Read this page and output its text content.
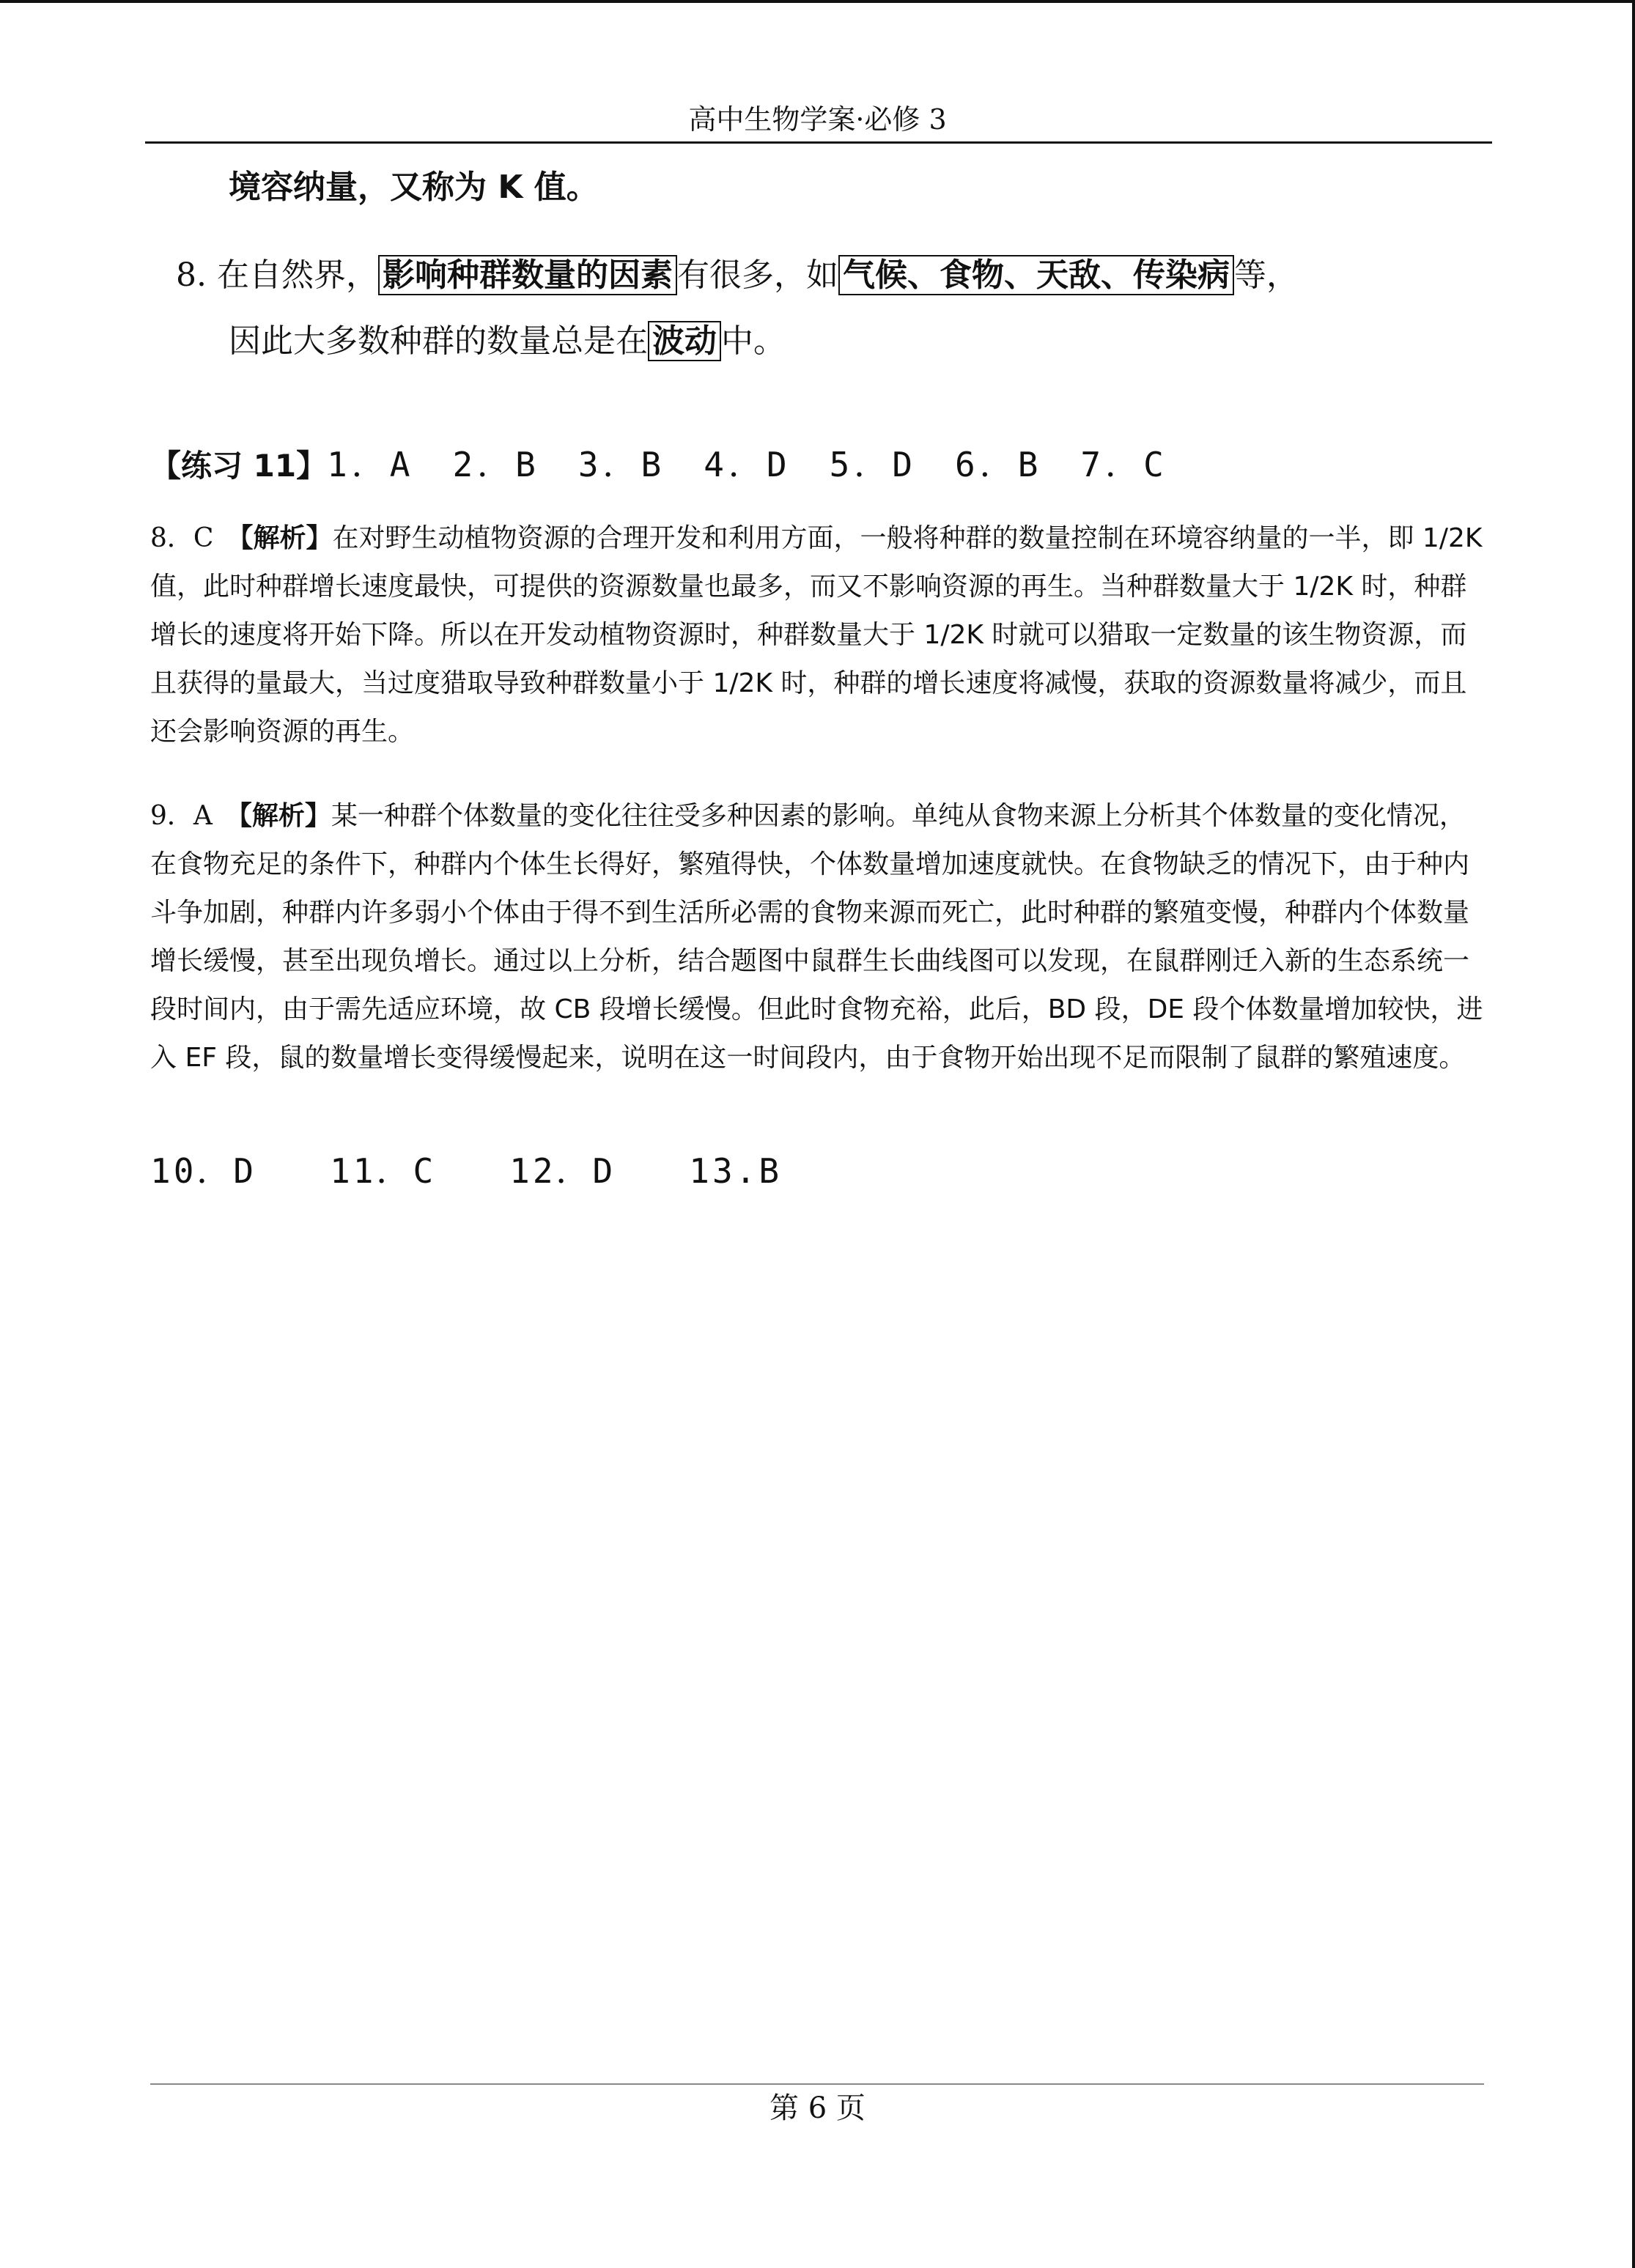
高中生物学案·必修 3
境容纳量，又称为 K 值。
8. 在自然界， 影响种群数量的因素 有很多，如 气候、食物、天敌、传染病 等，
因此大多数种群的数量总是在 波动 中。
【练习 11】1．A　2．B　3．B　4．D　5．D　6．B　7．C
8．C　【解析】在对野生动植物资源的合理开发和利用方面，一般将种群的数量控制在环境容纳量的一半，即 1/2K 值，此时种群增长速度最快，可提供的资源数量也最多，而又不影响资源的再生。当种群数量大于 1/2K 时，种群增长的速度将开始下降。所以在开发动植物资源时，种群数量大于 1/2K 时就可以猎取一定数量的该生物资源，而且获得的量最大，当过度猎取导致种群数量小于 1/2K 时，种群的增长速度将减慢，获取的资源数量将减少，而且还会影响资源的再生。
9．A　【解析】某一种群个体数量的变化往往受多种因素的影响。单纯从食物来源上分析其个体数量的变化情况，在食物充足的条件下，种群内个体生长得好，繁殖得快，个体数量增加速度就快。在食物缺乏的情况下，由于种内斗争加剧，种群内许多弱小个体由于得不到生活所必需的食物来源而死亡，此时种群的繁殖变慢，种群内个体数量增长缓慢，甚至出现负增长。通过以上分析，结合题图中鼠群生长曲线图可以发现，在鼠群刚迁入新的生态系统一段时间内，由于需先适应环境，故 CB 段增长缓慢。但此时食物充裕，此后，BD 段，DE 段个体数量增加较快，进入 EF 段，鼠的数量增长变得缓慢起来，说明在这一时间段内，由于食物开始出现不足而限制了鼠群的繁殖速度。
10．D　　11．C　　12．D　　13.B
第 6 页
